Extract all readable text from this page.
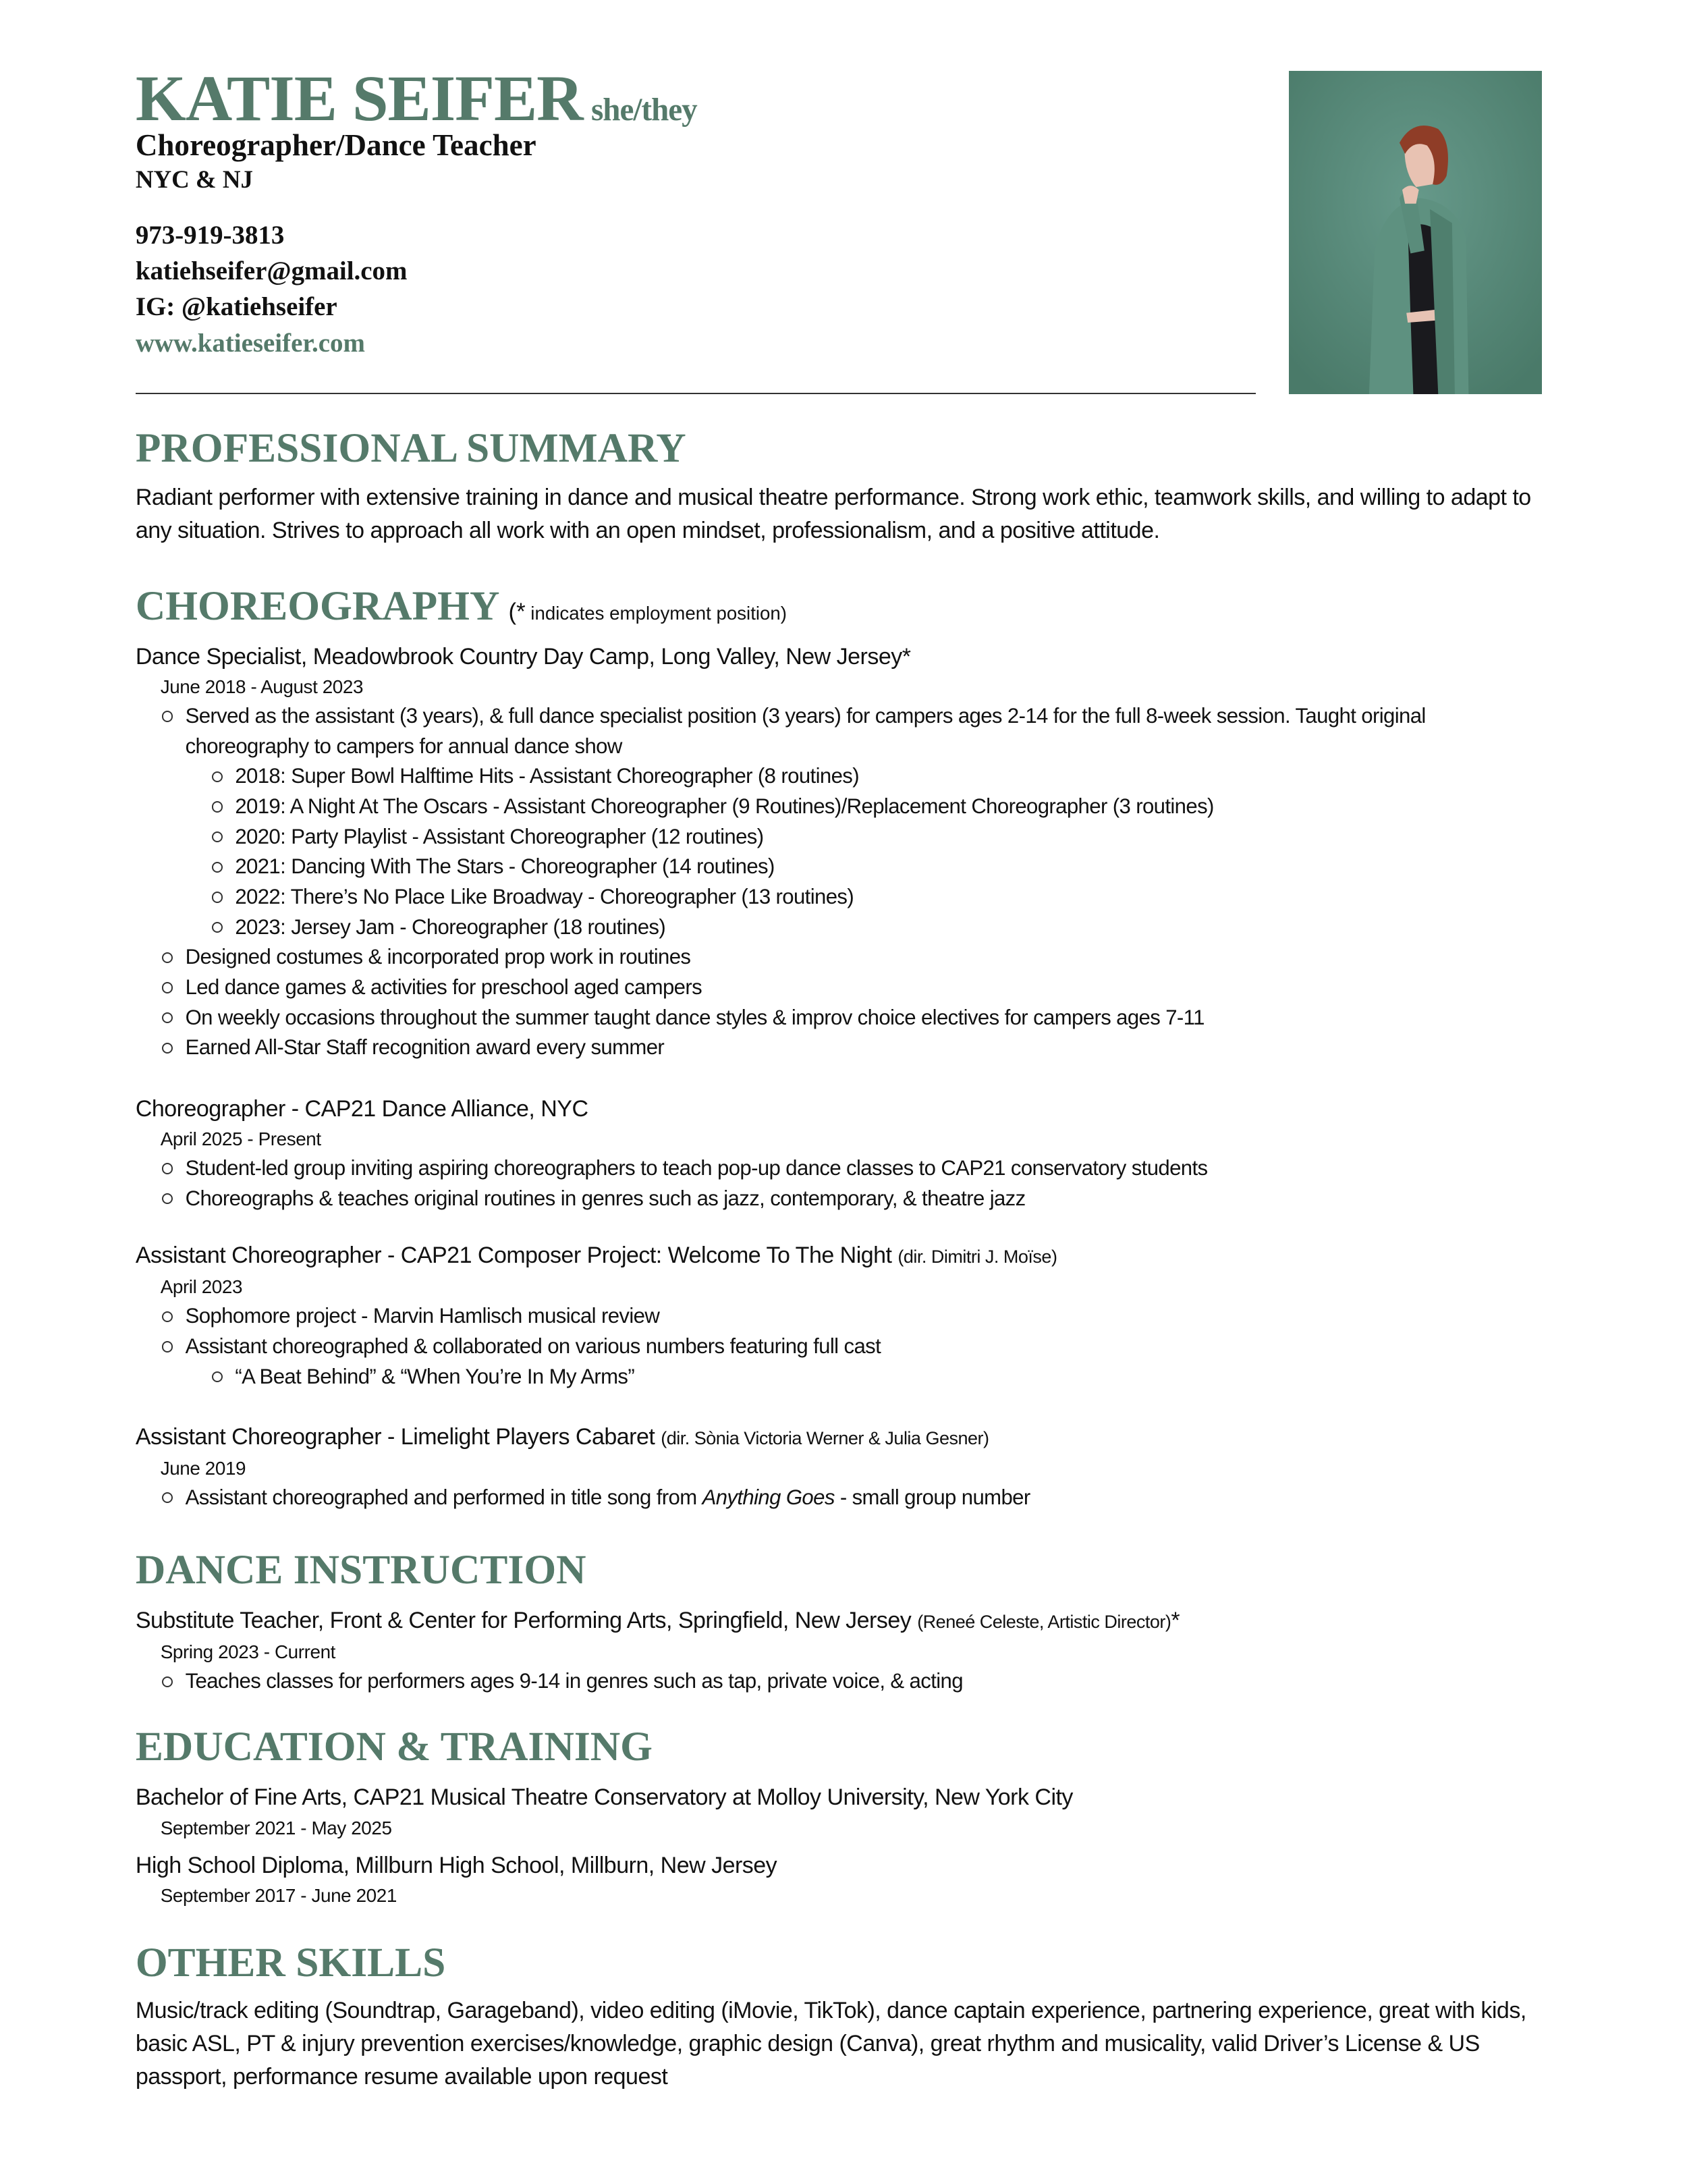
KATIE SEIFER she/they
Choreographer/Dance Teacher
NYC & NJ
973-919-3813
katiehseifer@gmail.com
IG: @katiehseifer
www.katieseifer.com
PROFESSIONAL SUMMARY
Radiant performer with extensive training in dance and musical theatre performance. Strong work ethic, teamwork skills, and willing to adapt to any situation. Strives to approach all work with an open mindset, professionalism, and a positive attitude.
CHOREOGRAPHY (* indicates employment position)
Dance Specialist, Meadowbrook Country Day Camp, Long Valley, New Jersey*
June 2018 - August 2023
Served as the assistant (3 years), & full dance specialist position (3 years) for campers ages 2-14 for the full 8-week session. Taught original choreography to campers for annual dance show
2018: Super Bowl Halftime Hits - Assistant Choreographer (8 routines)
2019: A Night At The Oscars - Assistant Choreographer (9 Routines)/Replacement Choreographer (3 routines)
2020: Party Playlist - Assistant Choreographer (12 routines)
2021: Dancing With The Stars - Choreographer (14 routines)
2022: There’s No Place Like Broadway - Choreographer (13 routines)
2023: Jersey Jam - Choreographer (18 routines)
Designed costumes & incorporated prop work in routines
Led dance games & activities for preschool aged campers
On weekly occasions throughout the summer taught dance styles & improv choice electives for campers ages 7-11
Earned All-Star Staff recognition award every summer
Choreographer - CAP21 Dance Alliance, NYC
April 2025 - Present
Student-led group inviting aspiring choreographers to teach pop-up dance classes to CAP21 conservatory students
Choreographs & teaches original routines in genres such as jazz, contemporary, & theatre jazz
Assistant Choreographer - CAP21 Composer Project: Welcome To The Night (dir. Dimitri J. Moïse)
April 2023
Sophomore project - Marvin Hamlisch musical review
Assistant choreographed & collaborated on various numbers featuring full cast
“A Beat Behind” & “When You’re In My Arms”
Assistant Choreographer - Limelight Players Cabaret (dir. Sònia Victoria Werner & Julia Gesner)
June 2019
Assistant choreographed and performed in title song from Anything Goes - small group number
DANCE INSTRUCTION
Substitute Teacher, Front & Center for Performing Arts, Springfield, New Jersey (Reneé Celeste, Artistic Director)*
Spring 2023 - Current
Teaches classes for performers ages 9-14 in genres such as tap, private voice, & acting
EDUCATION & TRAINING
Bachelor of Fine Arts, CAP21 Musical Theatre Conservatory at Molloy University, New York City
September 2021 - May 2025
High School Diploma, Millburn High School, Millburn, New Jersey
September 2017 - June 2021
OTHER SKILLS
Music/track editing (Soundtrap, Garageband), video editing (iMovie, TikTok), dance captain experience, partnering experience, great with kids, basic ASL, PT & injury prevention exercises/knowledge, graphic design (Canva), great rhythm and musicality, valid Driver’s License & US passport, performance resume available upon request
